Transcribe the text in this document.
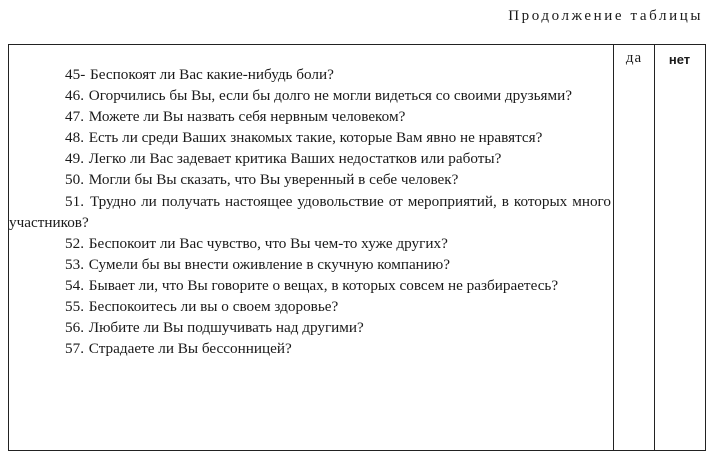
Продолжение таблицы

45- Беспокоят ли Вас какие-нибудь боли?

46. Огорчились бы Вы, если бы долго не могли видеться со своими друзьями?

47. Можете ли Вы назвать себя нервным человеком?

48. Есть ли среди Ваших знакомых такие, которые Вам явно не нравятся?

49. Легко ли Вас задевает критика Ваших недостатков или работы?

50. Могли бы Вы сказать, что Вы уверенный в себе человек?

51. Трудно ли получать настоящее удовольствие от мероприятий, в которых много участников?

52. Беспокоит ли Вас чувство, что Вы чем-то хуже других?

53. Сумели бы вы внести оживление в скучную компанию?

54. Бывает ли, что Вы говорите о вещах, в которых совсем не разбираетесь?

55. Беспокоитесь ли вы о своем здоровье?

56. Любите ли Вы подшучивать над другими?

57. Страдаете ли Вы бессонницей?

да	нет
